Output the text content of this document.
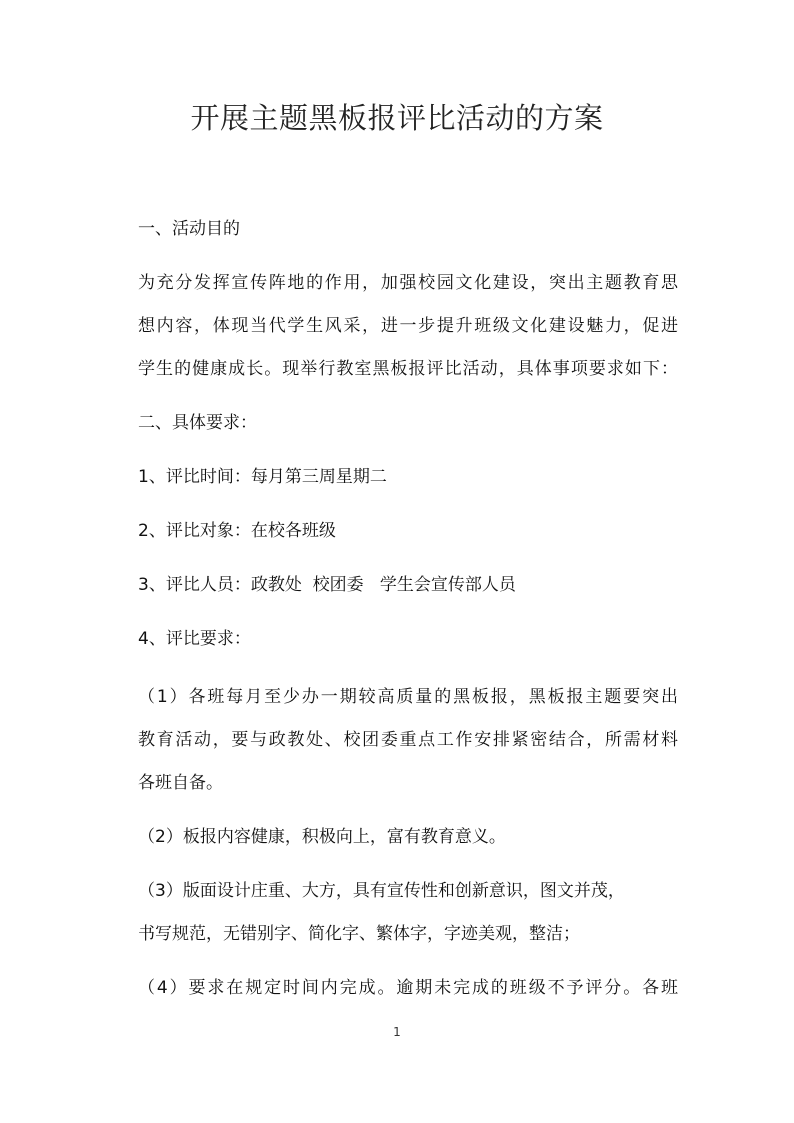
开展主题黑板报评比活动的方案
一、活动目的
为充分发挥宣传阵地的作用，加强校园文化建设，突出主题教育思
想内容，体现当代学生风采，进一步提升班级文化建设魅力，促进
学生的健康成长。现举行教室黑板报评比活动，具体事项要求如下：
二、具体要求：
1、评比时间：每月第三周星期二
2、评比对象：在校各班级
3、评比人员：政教处  校团委   学生会宣传部人员
4、评比要求：
（1）各班每月至少办一期较高质量的黑板报，黑板报主题要突出
教育活动，要与政教处、校团委重点工作安排紧密结合，所需材料
各班自备。
（2）板报内容健康，积极向上，富有教育意义。
（3）版面设计庄重、大方，具有宣传性和创新意识，图文并茂，
书写规范，无错别字、简化字、繁体字，字迹美观，整洁；
（4）要求在规定时间内完成。逾期未完成的班级不予评分。各班
1
